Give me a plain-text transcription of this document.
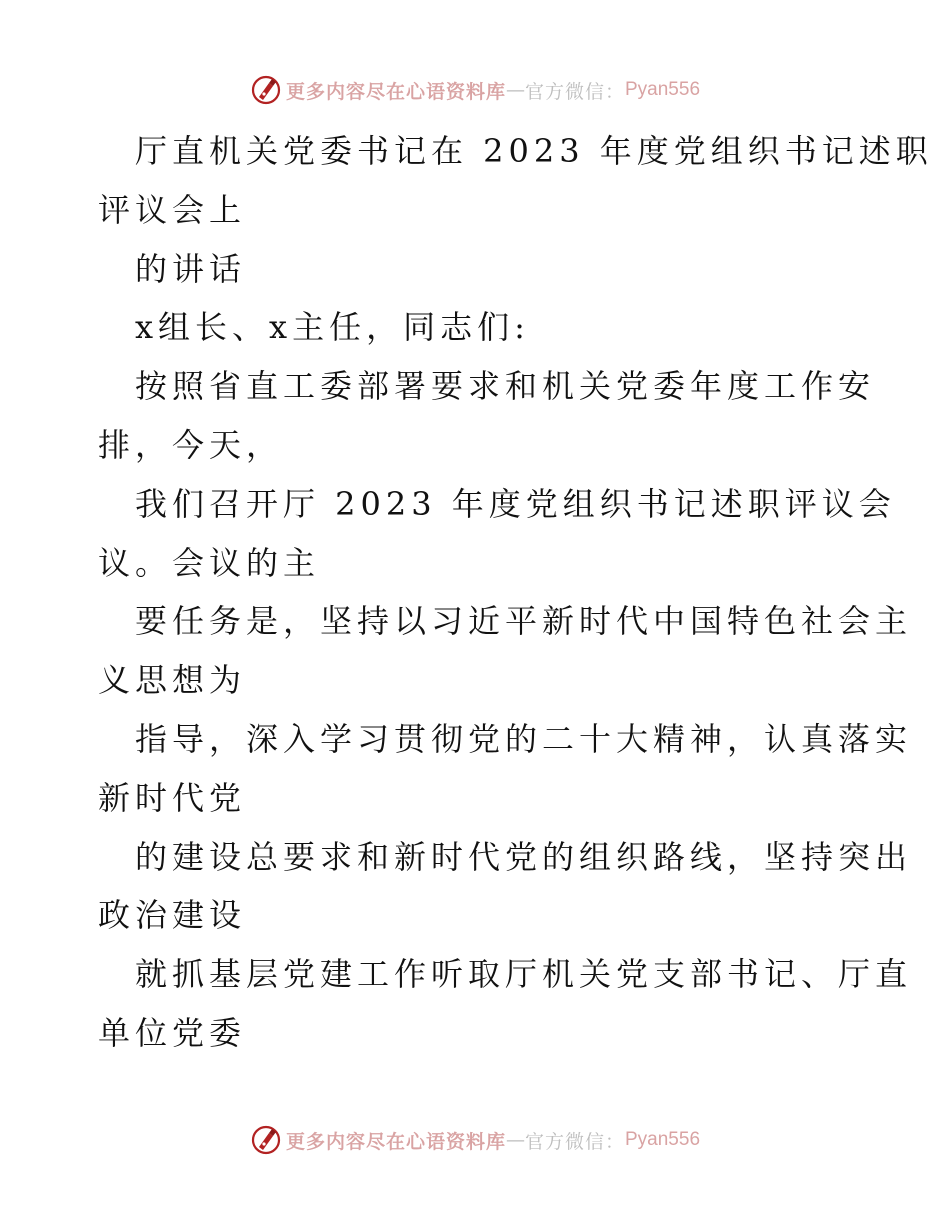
更多内容尽在心语资料库 — 官方微信： Pyan556
厅直机关党委书记在 2023 年度党组织书记述职
评议会上
的讲话
x组长、x主任，同志们:
按照省直工委部署要求和机关党委年度工作安
排，今天，
我们召开厅 2023 年度党组织书记述职评议会
议。会议的主
要任务是，坚持以习近平新时代中国特色社会主
义思想为
指导，深入学习贯彻党的二十大精神，认真落实
新时代党
的建设总要求和新时代党的组织路线，坚持突出
政治建设
就抓基层党建工作听取厅机关党支部书记、厅直
单位党委
更多内容尽在心语资料库 — 官方微信： Pyan556
